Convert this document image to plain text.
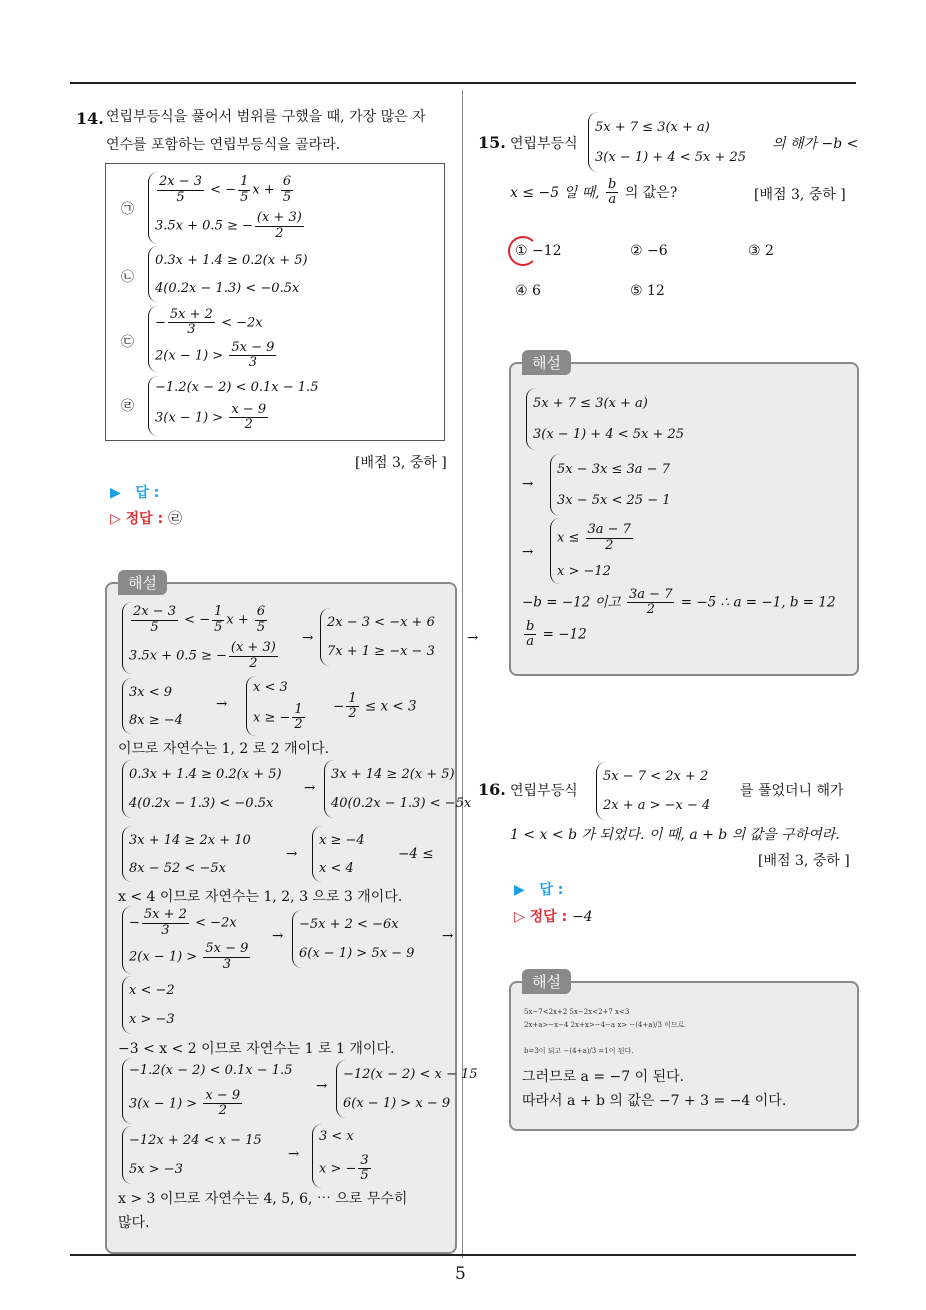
5
14. 연립부등식을 풀어서 범위를 구했을 때, 가장 많은 자
연수를 포함하는 연립부등식을 골라라.
㉠
$\frac{2x - 3}{5}$ < − $\frac{1}{5}$ $x + \frac{6}{5}$
3.5x + 0.5 ≥ − $\frac{(x + 3)}{2}$
㉡
0.3x + 1.4 ≥ 0.2(x + 5)
4(0.2x − 1.3) < −0.5x
㉢
− $\frac{5x + 2}{3} < -2x$
$2(x - 1) > \frac{5x - 9}{3}$
㉣
−1.2(x − 2) < 0.1x − 1.5
$3(x - 1) > \frac{x - 9}{2}$
[배점 3, 중하 ]
▶ 답 :
▷ 정답 : ㉣
해설
$\frac{2x - 3}{5}$ < − $\frac{1}{5}$ $x + \frac{6}{5}$
3.5x + 0.5 ≥ − $\frac{(x + 3)}{2}$
→
2x − 3 < −x + 6
7x + 1 ≥ −x − 3
→
3x < 9
8x ≥ −4
→
x < 3
x ≥ − $\frac{1}{2} - \frac{1}{2} \le x < 3$
이므로 자연수는 1, 2 로 2 개이다.
0.3x + 1.4 ≥ 0.2(x + 5)
4(0.2x − 1.3) < −0.5x
→
3x + 14 ≥ 2(x + 5)
40(0.2x − 1.3) < −5x
3x + 14 ≥ 2x + 10
8x − 52 < −5x
→
x ≥ −4
x < 4
−4 ≤
x < 4 이므로 자연수는 1, 2, 3 으로 3 개이다.
− $\frac{5x + 2}{3} < -2x$
$2(x - 1) > \frac{5x - 9}{3}$
→
−5x + 2 < −6x
6(x − 1) > 5x − 9
→
x < −2
x > −3
−3 < x < 2 이므로 자연수는 1 로 1 개이다.
−1.2(x − 2) < 0.1x − 1.5
$3(x - 1) > \frac{x - 9}{2}$
→
−12(x − 2) < x − 15
6(x − 1) > x − 9
−12x + 24 < x − 15
5x > −3
→
3 < x
x > − $\frac{3}{5}$
x > 3 이므로 자연수는 4, 5, 6, ⋯ 으로 무수히
많다.
15. 연립부등식
5x + 7 ≤ 3(x + a)
3(x − 1) + 4 < 5x + 25
의 해가 −b <
x ≤ −5 일 때, $\frac{b}{a}$ 의 값은?	[배점 3, 중하 ]
① −12	② −6	③ 2
④ 6	⑤ 12
해설
5x + 7 ≤ 3(x + a)
3(x − 1) + 4 < 5x + 25
→
5x − 3x ≤ 3a − 7
3x − 5x < 25 − 1
→
$x \le \frac{3a - 7}{2}$
x > −12
−b = −12 이고 $\frac{3a - 7}{2} = -5$ ∴ a = −1, b = 12
$\frac{b}{a} = -12$
16. 연립부등식
5x − 7 < 2x + 2
2x + a > −x − 4
를 풀었더니 해가
1 < x < b 가 되었다. 이 때, a + b 의 값을 구하여라.
[배점 3, 중하 ]
▶ 답 :
▷ 정답 : −4
해설
5x−7<2x+2 5x−2x<2+7 x<3
2x+a>−x−4 2x+x>−4−a x> −(4+a)/3 이므로
b=3이 되고 −(4+a)/3 =1이 된다.
그러므로 a = −7 이 된다.
따라서 a + b 의 값은 −7 + 3 = −4 이다.
